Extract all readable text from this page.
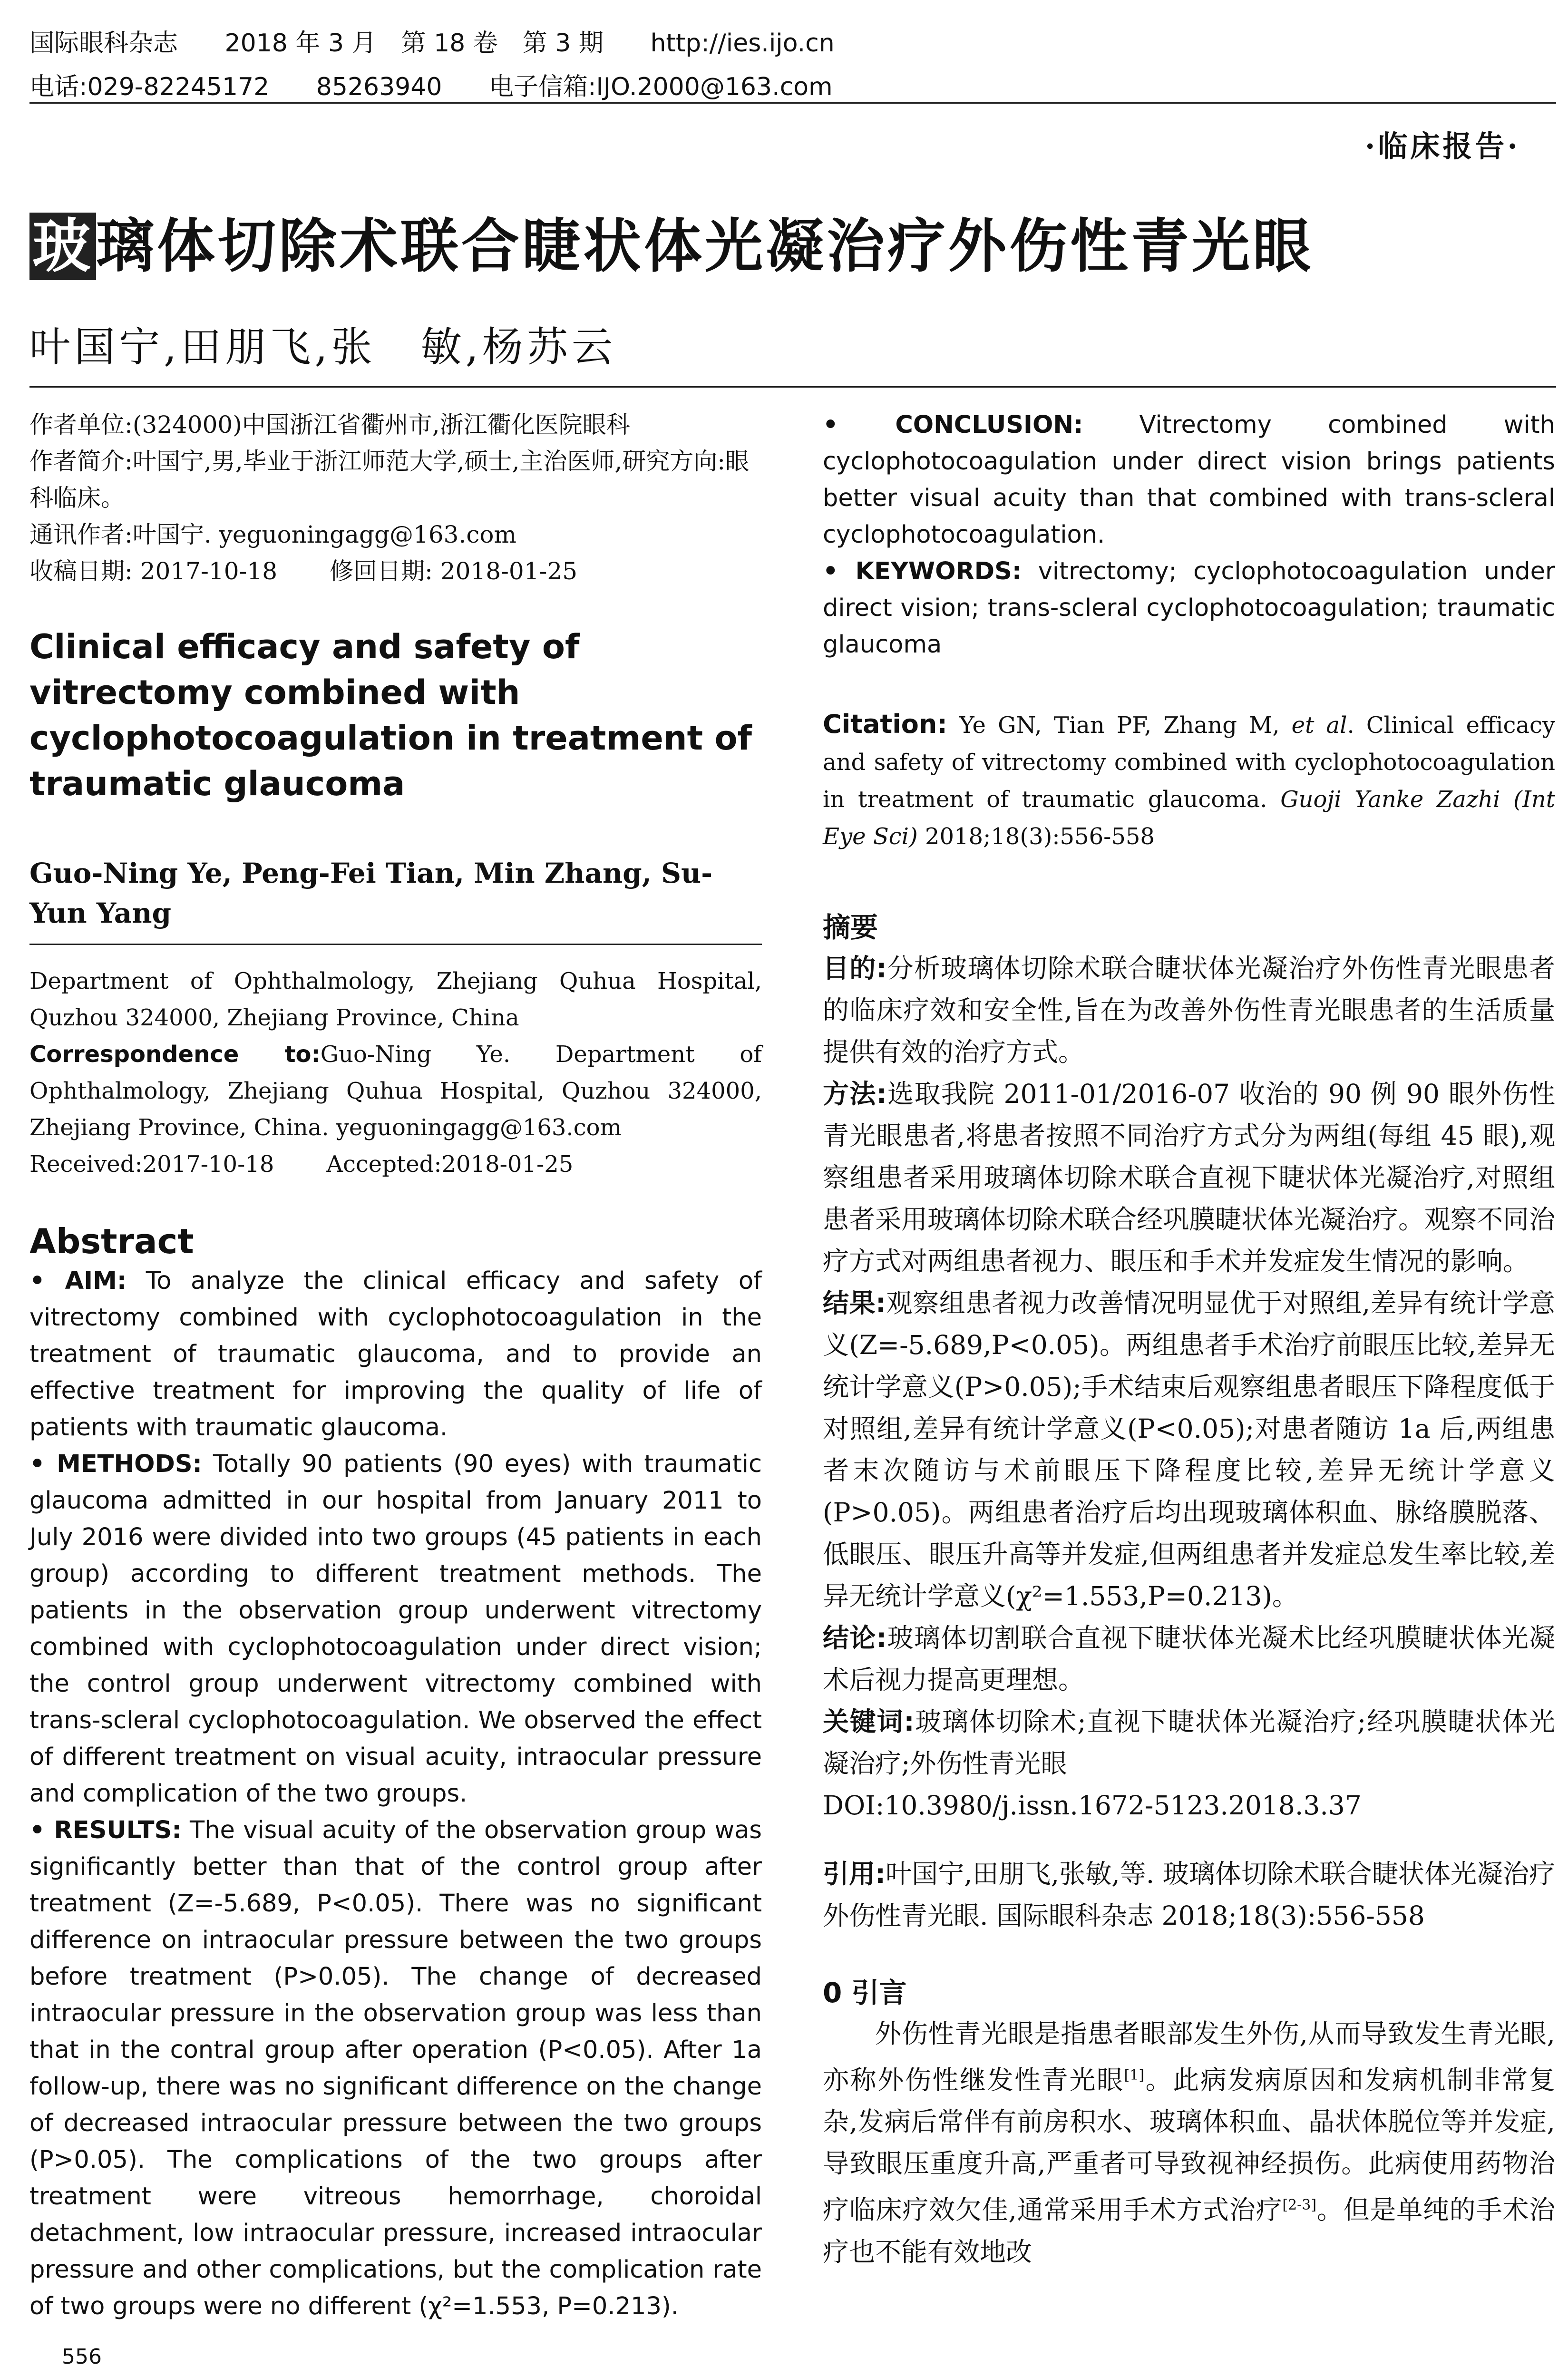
国际眼科杂志 2018 年 3 月　第 18 卷　第 3 期 http://ies.ijo.cn
电话:029-82245172 85263940 电子信箱:IJO.2000@163.com
·临床报告·
玻璃体切除术联合睫状体光凝治疗外伤性青光眼
叶国宁,田朋飞,张　敏,杨苏云

作者单位:(324000)中国浙江省衢州市,浙江衢化医院眼科

作者简介:叶国宁,男,毕业于浙江师范大学,硕士,主治医师,研究方向:眼科临床。

通讯作者:叶国宁. yeguoningagg@163.com

收稿日期: 2017-10-18 修回日期: 2018-01-25

Clinical efficacy and safety of vitrectomy combined with cyclophotocoagulation in treatment of traumatic glaucoma

Guo-Ning Ye, Peng-Fei Tian, Min Zhang, Su-Yun Yang

Department of Ophthalmology, Zhejiang Quhua Hospital, Quzhou 324000, Zhejiang Province, China

Correspondence to:Guo-Ning Ye. Department of Ophthalmology, Zhejiang Quhua Hospital, Quzhou 324000, Zhejiang Province, China. yeguoningagg@163.com

Received:2017-10-18 Accepted:2018-01-25

Abstract

• AIM: To analyze the clinical efficacy and safety of vitrectomy combined with cyclophotocoagulation in the treatment of traumatic glaucoma, and to provide an effective treatment for improving the quality of life of patients with traumatic glaucoma.

• METHODS: Totally 90 patients (90 eyes) with traumatic glaucoma admitted in our hospital from January 2011 to July 2016 were divided into two groups (45 patients in each group) according to different treatment methods. The patients in the observation group underwent vitrectomy combined with cyclophotocoagulation under direct vision; the control group underwent vitrectomy combined with trans-scleral cyclophotocoagulation. We observed the effect of different treatment on visual acuity, intraocular pressure and complication of the two groups.

• RESULTS: The visual acuity of the observation group was significantly better than that of the control group after treatment (Z=-5.689, P<0.05). There was no significant difference on intraocular pressure between the two groups before treatment (P>0.05). The change of decreased intraocular pressure in the observation group was less than that in the contral group after operation (P<0.05). After 1a follow-up, there was no significant difference on the change of decreased intraocular pressure between the two groups (P>0.05). The complications of the two groups after treatment were vitreous hemorrhage, choroidal detachment, low intraocular pressure, increased intraocular pressure and other complications, but the complication rate of two groups were no different (χ²=1.553, P=0.213).

• CONCLUSION: Vitrectomy combined with cyclophotocoagulation under direct vision brings patients better visual acuity than that combined with trans-scleral cyclophotocoagulation.

• KEYWORDS: vitrectomy; cyclophotocoagulation under direct vision; trans-scleral cyclophotocoagulation; traumatic glaucoma

Citation: Ye GN, Tian PF, Zhang M, et al. Clinical efficacy and safety of vitrectomy combined with cyclophotocoagulation in treatment of traumatic glaucoma. Guoji Yanke Zazhi (Int Eye Sci) 2018;18(3):556-558

摘要

目的:分析玻璃体切除术联合睫状体光凝治疗外伤性青光眼患者的临床疗效和安全性,旨在为改善外伤性青光眼患者的生活质量提供有效的治疗方式。

方法:选取我院 2011-01/2016-07 收治的 90 例 90 眼外伤性青光眼患者,将患者按照不同治疗方式分为两组(每组 45 眼),观察组患者采用玻璃体切除术联合直视下睫状体光凝治疗,对照组患者采用玻璃体切除术联合经巩膜睫状体光凝治疗。观察不同治疗方式对两组患者视力、眼压和手术并发症发生情况的影响。

结果:观察组患者视力改善情况明显优于对照组,差异有统计学意义(Z=-5.689,P<0.05)。两组患者手术治疗前眼压比较,差异无统计学意义(P>0.05);手术结束后观察组患者眼压下降程度低于对照组,差异有统计学意义(P<0.05);对患者随访 1a 后,两组患者末次随访与术前眼压下降程度比较,差异无统计学意义(P>0.05)。两组患者治疗后均出现玻璃体积血、脉络膜脱落、低眼压、眼压升高等并发症,但两组患者并发症总发生率比较,差异无统计学意义(χ²=1.553,P=0.213)。

结论:玻璃体切割联合直视下睫状体光凝术比经巩膜睫状体光凝术后视力提高更理想。

关键词:玻璃体切除术;直视下睫状体光凝治疗;经巩膜睫状体光凝治疗;外伤性青光眼

DOI:10.3980/j.issn.1672-5123.2018.3.37

引用:叶国宁,田朋飞,张敏,等. 玻璃体切除术联合睫状体光凝治疗外伤性青光眼. 国际眼科杂志 2018;18(3):556-558

0 引言

外伤性青光眼是指患者眼部发生外伤,从而导致发生青光眼,亦称外伤性继发性青光眼[1]。此病发病原因和发病机制非常复杂,发病后常伴有前房积水、玻璃体积血、晶状体脱位等并发症,导致眼压重度升高,严重者可导致视神经损伤。此病使用药物治疗临床疗效欠佳,通常采用手术方式治疗[2-3]。但是单纯的手术治疗也不能有效地改

556
